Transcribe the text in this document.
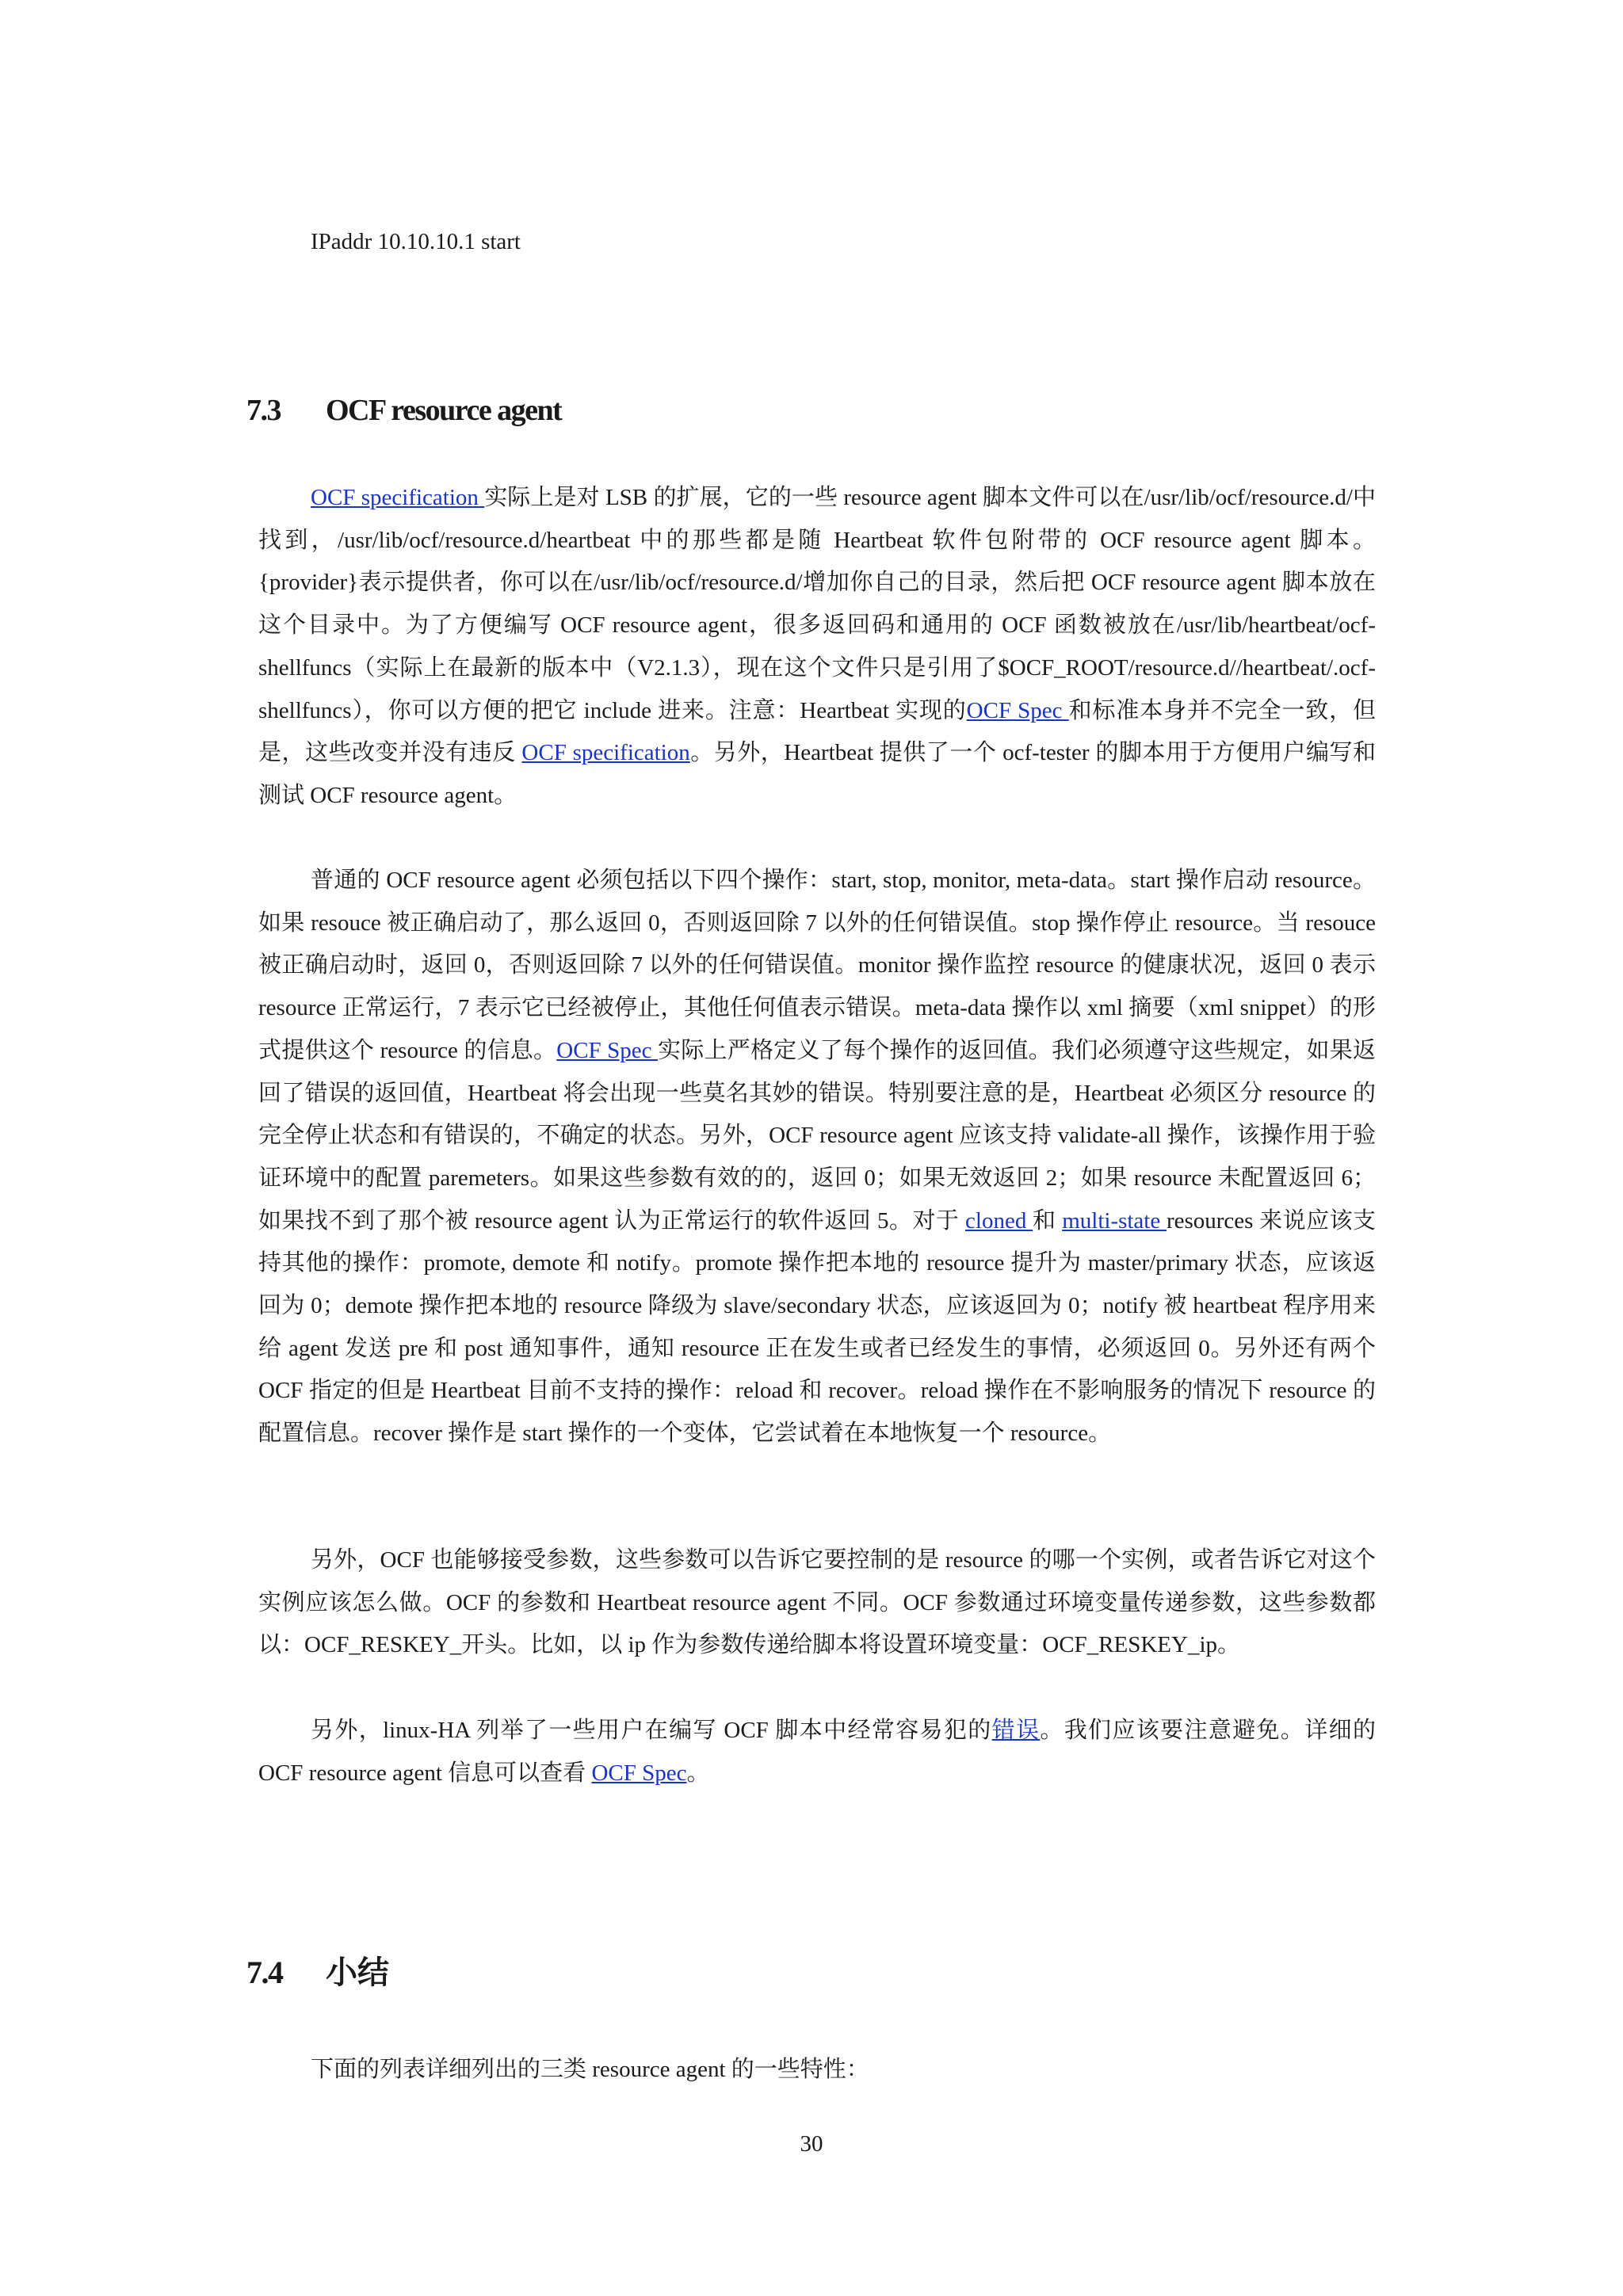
IPaddr 10.10.10.1 start
7.3	OCF resource agent

OCF specification 实际上是对 LSB 的扩展，它的一些 resource agent 脚本文件可以在/usr/lib/ocf/resource.d/中找到，/usr/lib/ocf/resource.d/heartbeat 中的那些都是随 Heartbeat 软件包附带的 OCF resource agent 脚本。{provider}表示提供者，你可以在/usr/lib/ocf/resource.d/增加你自己的目录，然后把 OCF resource agent 脚本放在这个目录中。为了方便编写 OCF resource agent，很多返回码和通用的 OCF 函数被放在/usr/lib/heartbeat/ocf-shellfuncs（实际上在最新的版本中（V2.1.3），现在这个文件只是引用了$OCF_ROOT/resource.d//heartbeat/.ocf-shellfuncs），你可以方便的把它 include 进来。注意：Heartbeat 实现的OCF Spec 和标准本身并不完全一致，但是，这些改变并没有违反 OCF specification。另外，Heartbeat 提供了一个 ocf-tester 的脚本用于方便用户编写和测试 OCF resource agent。

普通的 OCF resource agent 必须包括以下四个操作：start, stop, monitor, meta-data。start 操作启动 resource。如果 resouce 被正确启动了，那么返回 0，否则返回除 7 以外的任何错误值。stop 操作停止 resource。当 resouce 被正确启动时，返回 0，否则返回除 7 以外的任何错误值。monitor 操作监控 resource 的健康状况，返回 0 表示 resource 正常运行，7 表示它已经被停止，其他任何值表示错误。meta-data 操作以 xml 摘要（xml snippet）的形式提供这个 resource 的信息。OCF Spec 实际上严格定义了每个操作的返回值。我们必须遵守这些规定，如果返回了错误的返回值，Heartbeat 将会出现一些莫名其妙的错误。特别要注意的是，Heartbeat 必须区分 resource 的完全停止状态和有错误的，不确定的状态。另外，OCF resource agent 应该支持 validate-all 操作，该操作用于验证环境中的配置 paremeters。如果这些参数有效的的，返回 0；如果无效返回 2；如果 resource 未配置返回 6；如果找不到了那个被 resource agent 认为正常运行的软件返回 5。对于 cloned 和 multi-state resources 来说应该支持其他的操作：promote, demote 和 notify。promote 操作把本地的 resource 提升为 master/primary 状态，应该返回为 0；demote 操作把本地的 resource 降级为 slave/secondary 状态，应该返回为 0；notify 被 heartbeat 程序用来给 agent 发送 pre 和 post 通知事件，通知 resource 正在发生或者已经发生的事情，必须返回 0。另外还有两个 OCF 指定的但是 Heartbeat 目前不支持的操作：reload 和 recover。reload 操作在不影响服务的情况下 resource 的配置信息。recover 操作是 start 操作的一个变体，它尝试着在本地恢复一个 resource。

另外，OCF 也能够接受参数，这些参数可以告诉它要控制的是 resource 的哪一个实例，或者告诉它对这个实例应该怎么做。OCF 的参数和 Heartbeat resource agent 不同。OCF 参数通过环境变量传递参数，这些参数都以：OCF_RESKEY_开头。比如，以 ip 作为参数传递给脚本将设置环境变量：OCF_RESKEY_ip。

另外，linux-HA 列举了一些用户在编写 OCF 脚本中经常容易犯的错误。我们应该要注意避免。详细的 OCF resource agent 信息可以查看 OCF Spec。

7.4	小结

下面的列表详细列出的三类 resource agent 的一些特性：

30
